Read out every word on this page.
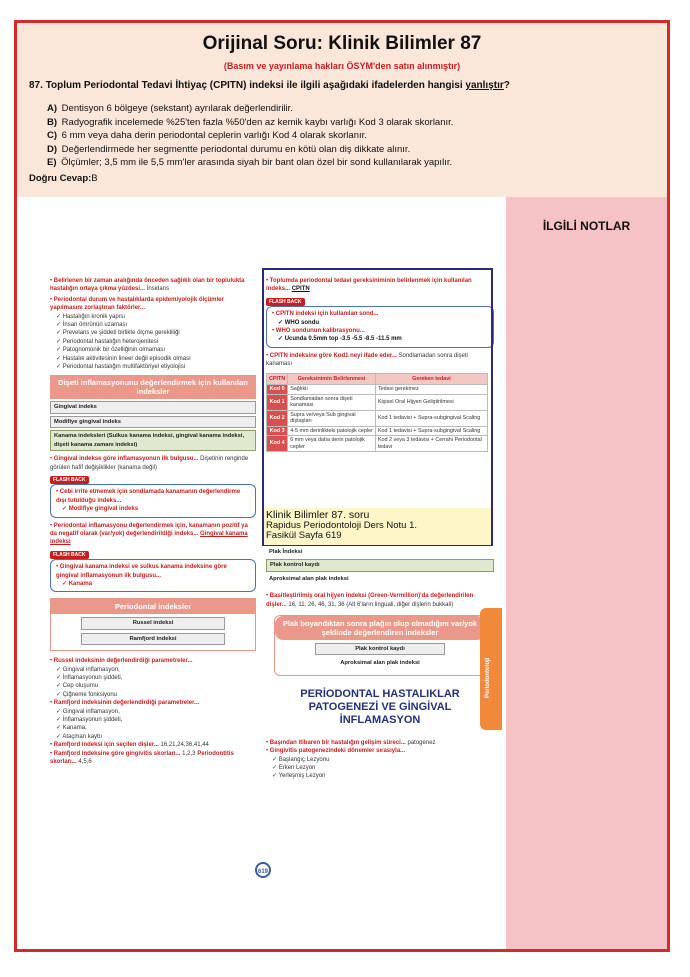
Orijinal Soru: Klinik Bilimler 87
(Basım ve yayınlama hakları ÖSYM'den satın alınmıştır)
87. Toplum Periodontal Tedavi İhtiyaç (CPITN) indeksi ile ilgili aşağıdaki ifadelerden hangisi yanlıştır?
A) Dentisyon 6 bölgeye (sekstant) ayrılarak değerlendirilir.
B) Radyografik incelemede %25'ten fazla %50'den az kemik kaybı varlığı Kod 3 olarak skorlanır.
C) 6 mm veya daha derin periodontal ceplerin varlığı Kod 4 olarak skorlanır.
D) Değerlendirmede her segmentte periodontal durumu en kötü olan diş dikkate alınır.
E) Ölçümler; 3,5 mm ile 5,5 mm'ler arasında siyah bir bant olan özel bir sond kullanılarak yapılır.
Doğru Cevap:B
İLGİLİ NOTLAR
• Belirlenen bir zaman aralığında önceden sağlıklı olan bir toplulukta hastalığın ortaya çıkma yüzdesi... İnsidans
• Periodontal durum ve hastalıklarda epidemiyolojik ölçümler yapılmasını zorlaştıran faktörler...
✓ Hastalığın kronik yapısı
✓ İnsan ömrünün uzaması
✓ Prevelans ve şiddeti birlikte ölçme gerekliliği
✓ Periodontal hastalığın heterojenitesi
✓ Patognomonik bir özelliğinin olmaması
✓ Hastalık aktivitesinin lineer değil episodik olması
✓ Periodontal hastalığın multifaktöriyel etiyolojisi
Dişeti inflamasyonunu değerlendirmek için kullanılan indeksler
Gingival indeks
Modifiye gingival indeks
Kanama indeksleri (Sulkus kanama indeksi, gingival kanama indeksi, dişeti kanama zamanı indeksi)
• Gingival indekse göre inflamasyonun ilk bulgusu... Dişetinin renginde görülen hafif değişiklikler (kanama değil)
FLASH BACK
• Cebi irrite etmemek için sondlamada kanamanın değerlendirme dışı tutulduğu indeks...
✓ Modifiye gingival indeks
• Periodontal inflamasyonu değerlendirmek için, kanamanın pozitif ya da negatif olarak (var/yok) değerlendirildiği indeks... Gingival kanama indeksi
FLASH BACK
• Gingival kanama indeksi ve sulkus kanama indeksine göre gingival inflamasyonun ilk bulgusu...
✓ Kanama
Periodontal indeksler
Russel indeksi
Ramfjord indeksi
• Russel indeksinin değerlendirdiği parametreler...
✓ Gingival inflamasyon,
✓ İnflamasyonun şiddeti,
✓ Cep oluşumu
✓ Çiğneme fonksiyonu
• Ramfjord indeksinin değerlendirdiği parametreler...
✓ Gingival inflamasyon,
✓ İnflamasyonun şiddeti,
✓ Kanama,
✓ Ataçman kaybı
• Ramfjord indeksi için seçilen dişler... 16,21,24,36,41,44
• Ramfjord indeksine göre gingivitis skorları... 1,2,3 Periodontitis skorları... 4,5,6
• Toplumda periodontal tedavi gereksiniminin belirlenmek için kullanılan indeks... CPITN
FLASH BACK
• CPITN indeksi için kullanılan sond...
✓ WHO sondu
• WHO sondunun kalibrasyonu...
✓ Ucunda 0.5mm top -3.5 -5.5 -8.5 -11.5 mm
• CPITN indeksine göre Kod1 neyi ifade eder... Sondlamadan sonra dişeti kanaması
CPITN	Gereksinimin Belirlenmesi	Gereken tedavi
Kod 0	Sağlıklı	Tedavi gerekmez
Kod 1	Sondlamadan sonra dişeti kanaması	Kişisel Oral Hijyen Geliştirilmesi
Kod 2	Supra ve/veya Sub gingival diştaşları	Kod 1 tedavisi + Supra-subgingival Scaling
Kod 3	4-5 mm derinlikteki patolojik cepler	Kod 1 tedavisi + Supra-subgingival Scaling
Kod 4	6 mm veya daha derin patolojik cepler	Kod 2 veya 3 tedavisi + Cerrahi Periodontal tedavi
Plak İndeksi
Plak kontrol kaydı
Aproksimal alan plak indeksi
• Basitleştirilmiş oral hijyen indeksi (Green-Vermillion)'da değerlendirilen dişler... 16, 11, 26, 46, 31, 36 (Alt 6'ların linguali, diğer dişlerin bukkali)
Plak boyandıktan sonra plağın olup olmadığını var/yok şeklinde değerlendiren indeksler
Plak kontrol kaydı
Aproksimal alan plak indeksi
PERİODONTAL HASTALIKLAR PATOGENEZİ VE GİNGİVAL İNFLAMASYON
• Başından itibaren bir hastalığın gelişim süreci... patogenez
• Gingivitis patogenezindeki dönemler sırasıyla...
✓ Başlangıç Lezyonu
✓ Erken Lezyon
✓ Yerleşmiş Lezyon
Periodontoloji
619
Klinik Bilimler 87. soru
Rapidus Periodontoloji Ders Notu 1.
Fasikül Sayfa 619
